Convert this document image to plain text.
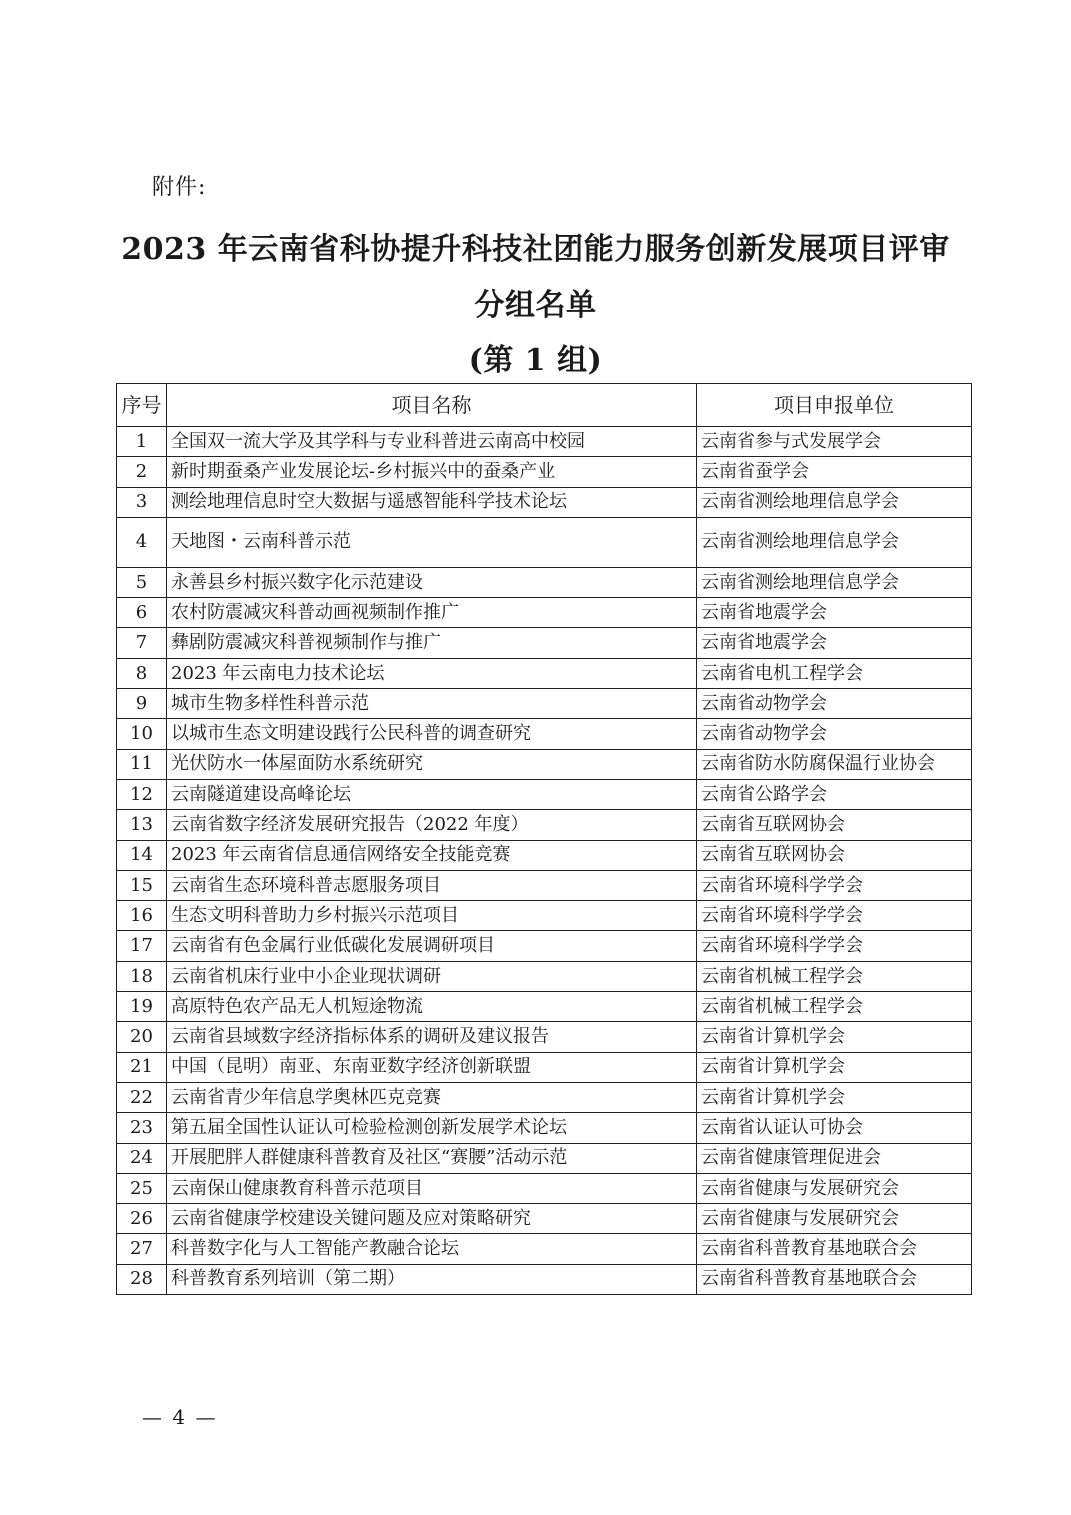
附件:
2023 年云南省科协提升科技社团能力服务创新发展项目评审
分组名单
(第 1 组)
序号	项目名称	项目申报单位
1	全国双一流大学及其学科与专业科普进云南高中校园	云南省参与式发展学会
2	新时期蚕桑产业发展论坛-乡村振兴中的蚕桑产业	云南省蚕学会
3	测绘地理信息时空大数据与遥感智能科学技术论坛	云南省测绘地理信息学会
4	天地图・云南科普示范	云南省测绘地理信息学会
5	永善县乡村振兴数字化示范建设	云南省测绘地理信息学会
6	农村防震减灾科普动画视频制作推广	云南省地震学会
7	彝剧防震减灾科普视频制作与推广	云南省地震学会
8	2023 年云南电力技术论坛	云南省电机工程学会
9	城市生物多样性科普示范	云南省动物学会
10	以城市生态文明建设践行公民科普的调查研究	云南省动物学会
11	光伏防水一体屋面防水系统研究	云南省防水防腐保温行业协会
12	云南隧道建设高峰论坛	云南省公路学会
13	云南省数字经济发展研究报告（2022 年度）	云南省互联网协会
14	2023 年云南省信息通信网络安全技能竞赛	云南省互联网协会
15	云南省生态环境科普志愿服务项目	云南省环境科学学会
16	生态文明科普助力乡村振兴示范项目	云南省环境科学学会
17	云南省有色金属行业低碳化发展调研项目	云南省环境科学学会
18	云南省机床行业中小企业现状调研	云南省机械工程学会
19	高原特色农产品无人机短途物流	云南省机械工程学会
20	云南省县域数字经济指标体系的调研及建议报告	云南省计算机学会
21	中国（昆明）南亚、东南亚数字经济创新联盟	云南省计算机学会
22	云南省青少年信息学奥林匹克竞赛	云南省计算机学会
23	第五届全国性认证认可检验检测创新发展学术论坛	云南省认证认可协会
24	开展肥胖人群健康科普教育及社区“赛腰”活动示范	云南省健康管理促进会
25	云南保山健康教育科普示范项目	云南省健康与发展研究会
26	云南省健康学校建设关键问题及应对策略研究	云南省健康与发展研究会
27	科普数字化与人工智能产教融合论坛	云南省科普教育基地联合会
28	科普教育系列培训（第二期）	云南省科普教育基地联合会
— 4 —
